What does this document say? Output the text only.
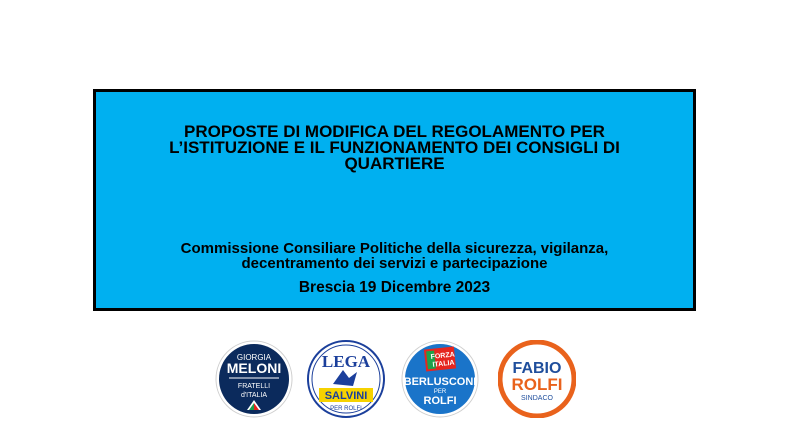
PROPOSTE DI MODIFICA DEL REGOLAMENTO PER
L’ISTITUZIONE E IL FUNZIONAMENTO DEI CONSIGLI DI
QUARTIERE
Commissione Consiliare Politiche della sicurezza, vigilanza,
decentramento dei servizi e partecipazione
Brescia 19 Dicembre 2023
GIORGIA
MELONI
FRATELLI
d'ITALIA
LEGA
SALVINI
PER ROLFI
FORZA
ITALIA
BERLUSCONI
PER
ROLFI
FABIO
ROLFI
SINDACO
